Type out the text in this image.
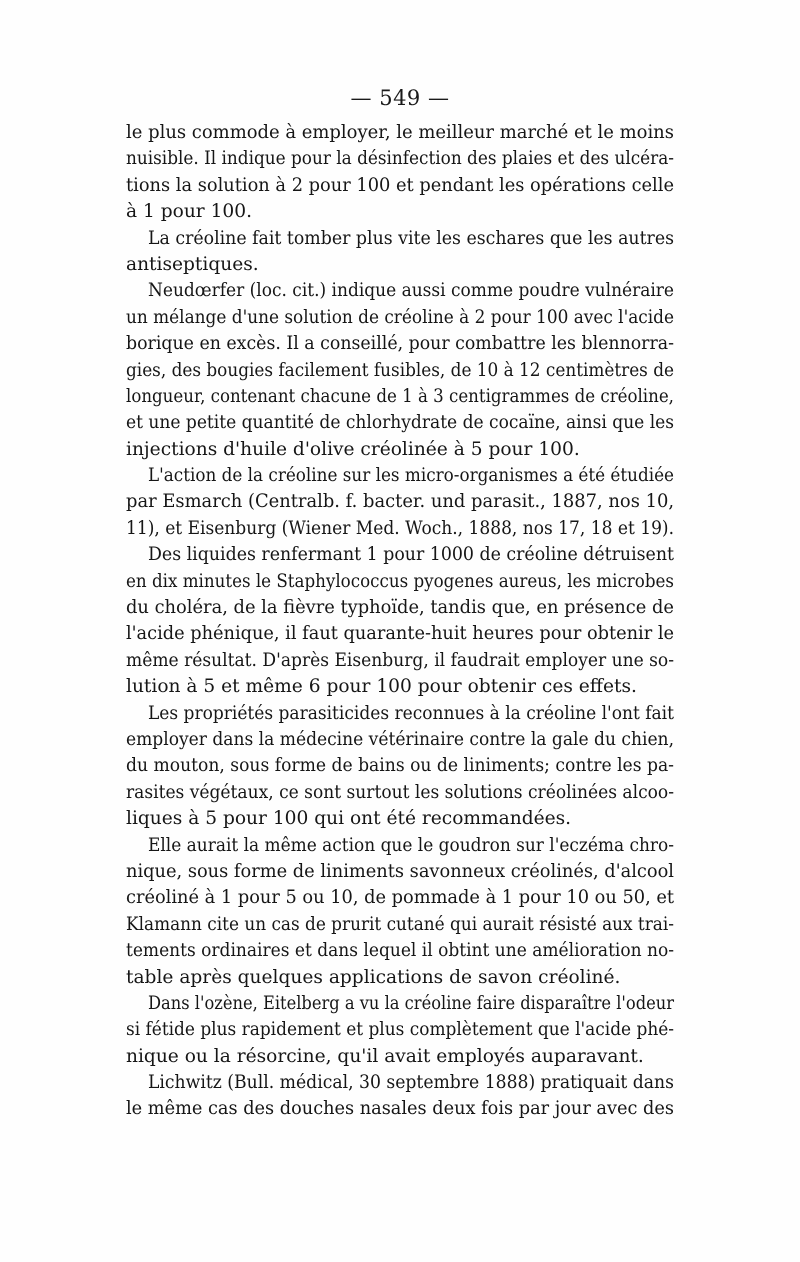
— 549 —
le plus commode à employer, le meilleur marché et le moins
nuisible. Il indique pour la désinfection des plaies et des ulcéra-
tions la solution à 2 pour 100 et pendant les opérations celle
à 1 pour 100.
La créoline fait tomber plus vite les eschares que les autres
antiseptiques.
Neudœrfer (loc. cit.) indique aussi comme poudre vulnéraire
un mélange d'une solution de créoline à 2 pour 100 avec l'acide
borique en excès. Il a conseillé, pour combattre les blennorra-
gies, des bougies facilement fusibles, de 10 à 12 centimètres de
longueur, contenant chacune de 1 à 3 centigrammes de créoline,
et une petite quantité de chlorhydrate de cocaïne, ainsi que les
injections d'huile d'olive créolinée à 5 pour 100.
L'action de la créoline sur les micro-organismes a été étudiée
par Esmarch (Centralb. f. bacter. und parasit., 1887, nos 10,
11), et Eisenburg (Wiener Med. Woch., 1888, nos 17, 18 et 19).
Des liquides renfermant 1 pour 1000 de créoline détruisent
en dix minutes le Staphylococcus pyogenes aureus, les microbes
du choléra, de la fièvre typhoïde, tandis que, en présence de
l'acide phénique, il faut quarante-huit heures pour obtenir le
même résultat. D'après Eisenburg, il faudrait employer une so-
lution à 5 et même 6 pour 100 pour obtenir ces effets.
Les propriétés parasiticides reconnues à la créoline l'ont fait
employer dans la médecine vétérinaire contre la gale du chien,
du mouton, sous forme de bains ou de liniments; contre les pa-
rasites végétaux, ce sont surtout les solutions créolinées alcoo-
liques à 5 pour 100 qui ont été recommandées.
Elle aurait la même action que le goudron sur l'eczéma chro-
nique, sous forme de liniments savonneux créolinés, d'alcool
créoliné à 1 pour 5 ou 10, de pommade à 1 pour 10 ou 50, et
Klamann cite un cas de prurit cutané qui aurait résisté aux trai-
tements ordinaires et dans lequel il obtint une amélioration no-
table après quelques applications de savon créoliné.
Dans l'ozène, Eitelberg a vu la créoline faire disparaître l'odeur
si fétide plus rapidement et plus complètement que l'acide phé-
nique ou la résorcine, qu'il avait employés auparavant.
Lichwitz (Bull. médical, 30 septembre 1888) pratiquait dans
le même cas des douches nasales deux fois par jour avec des
